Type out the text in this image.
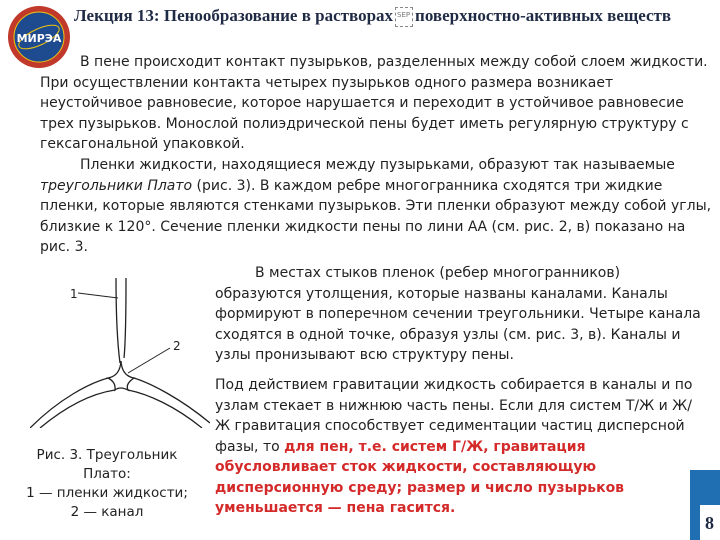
МИРЭА
Лекция 13: Пенообразование в растворах SEP поверхностно-активных веществ
В пене происходит контакт пузырьков, разделенных между собой слоем жидкости. При осуществлении контакта четырех пузырьков одного размера возникает неустойчивое равновесие, которое нарушается и переходит в устойчивое равновесие трех пузырьков. Монослой полиэдрической пены будет иметь регулярную структуру с гексагональной упаковкой.
Пленки жидкости, находящиеся между пузырьками, образуют так называемые треугольники Плато (рис. 3). В каждом ребре многогранника сходятся три жидкие пленки, которые являются стенками пузырьков. Эти пленки образуют между собой углы, близкие к 120°. Сечение пленки жидкости пены по лини АА (см. рис. 2, в) показано на рис. 3.
1
2
Рис. 3. Треугольник Плато:
1 — пленки жидкости;
2 — канал
В местах стыков пленок (ребер многогранников) образуются утолщения, которые названы каналами. Каналы формируют в поперечном сечении треугольники. Четыре канала сходятся в одной точке, образуя узлы (см. рис. 3, в). Каналы и узлы пронизывают всю структуру пены.
Под действием гравитации жидкость собирается в каналы и по узлам стекает в нижнюю часть пены. Если для систем Т/Ж и Ж/Ж гравитация способствует седиментации частиц дисперсной фазы, то для пен, т.е. систем Г/Ж, гравитация обусловливает сток жидкости, составляющую дисперсионную среду; размер и число пузырьков уменьшается — пена гасится.
8
